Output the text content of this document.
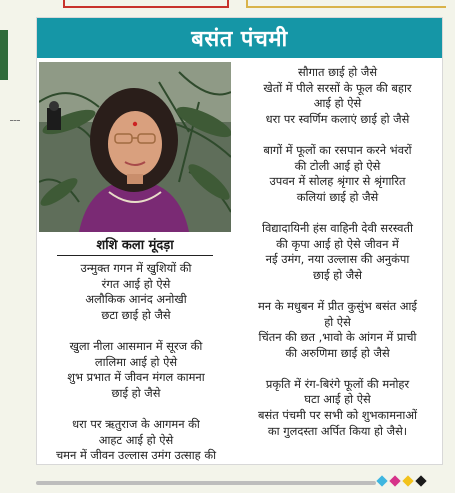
बसंत पंचमी
शशि कला मूंदड़ा
उन्मुक्त गगन में खुशियों की
रंगत आई हो ऐसे
अलौकिक आनंद अनोखी
छटा छाई हो जैसे
खुला नीला आसमान में सूरज की
लालिमा आई हो ऐसे
शुभ प्रभात में जीवन मंगल कामना
छाई हो जैसे
धरा पर ऋतुराज के आगमन की
आहट आई हो ऐसे
चमन में जीवन उल्लास उमंग उत्साह की
सौगात छाई हो जैसे
खेतों में पीले सरसों के फूल की बहार
आई हो ऐसे
धरा पर स्वर्णिम कलाएं छाई हो जैसे
बागों में फूलों का रसपान करने भंवरों
की टोली आई हो ऐसे
उपवन में सोलह श्रृंगार से श्रृंगारित
कलियां छाई हो जैसे
विद्यादायिनी हंस वाहिनी देवी सरस्वती
की कृपा आई हो ऐसे जीवन में
नई उमंग, नया उल्लास की अनुकंपा
छाई हो जैसे
मन के मधुबन में प्रीत कुसुंभ बसंत आई
हो ऐसे
चिंतन की छत ,भावो के आंगन में प्राची
की अरुणिमा छाई हो जैसे
प्रकृति में रंग-बिरंगे फूलों की मनोहर
घटा आई हो ऐसे
बसंत पंचमी पर सभी को शुभकामनाओं
का गुलदस्ता अर्पित किया हो जैसे।
